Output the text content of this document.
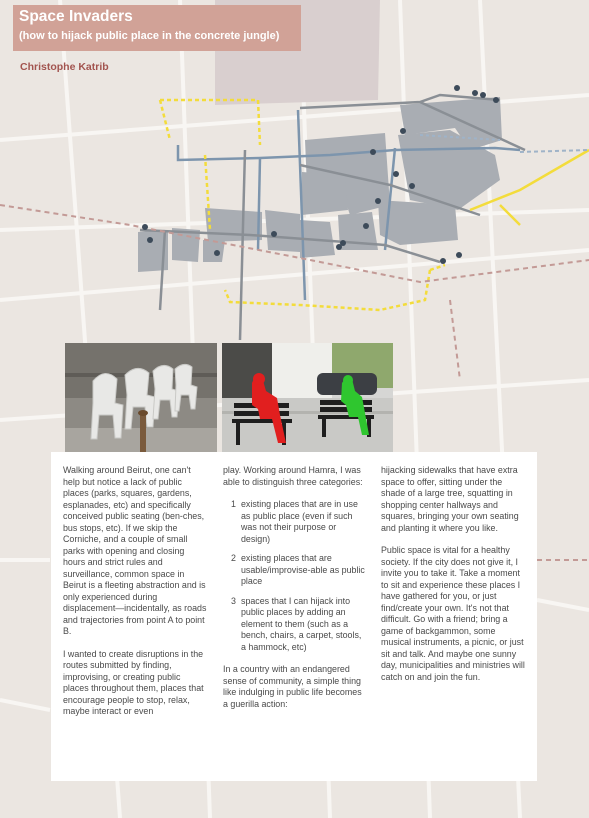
Space Invaders
(how to hijack public place in the concrete jungle)
Christophe Katrib

Walking around Beirut, one can't help but notice a lack of public places (parks, squares, gardens, esplanades, etc) and specifically conceived public seating (ben-ches, bus stops, etc). If we skip the Corniche, and a couple of small parks with opening and closing hours and strict rules and surveillance, common space in Beirut is a fleeting abstraction and is only experienced during displacement—incidentally, as roads and trajectories from point A to point B.

I wanted to create disruptions in the routes submitted by finding, improvising, or creating public places throughout them, places that encourage people to stop, relax, maybe interact or even

play. Working around Hamra, I was able to distinguish three categories:

1 existing places that are in use as public place (even if such was not their purpose or design)
2 existing places that are usable/improvise-able as public place
3 spaces that I can hijack into public places by adding an element to them (such as a bench, chairs, a carpet, stools, a hammock, etc)

In a country with an endangered sense of community, a simple thing like indulging in public life becomes a guerilla action:

hijacking sidewalks that have extra space to offer, sitting under the shade of a large tree, squatting in shopping center hallways and squares, bringing your own seating and planting it where you like.

Public space is vital for a healthy society. If the city does not give it, I invite you to take it. Take a moment to sit and experience these places I have gathered for you, or just find/create your own. It's not that difficult. Go with a friend; bring a game of backgammon, some musical instruments, a picnic, or just sit and talk. And maybe one sunny day, municipalities and ministries will catch on and join the fun.
